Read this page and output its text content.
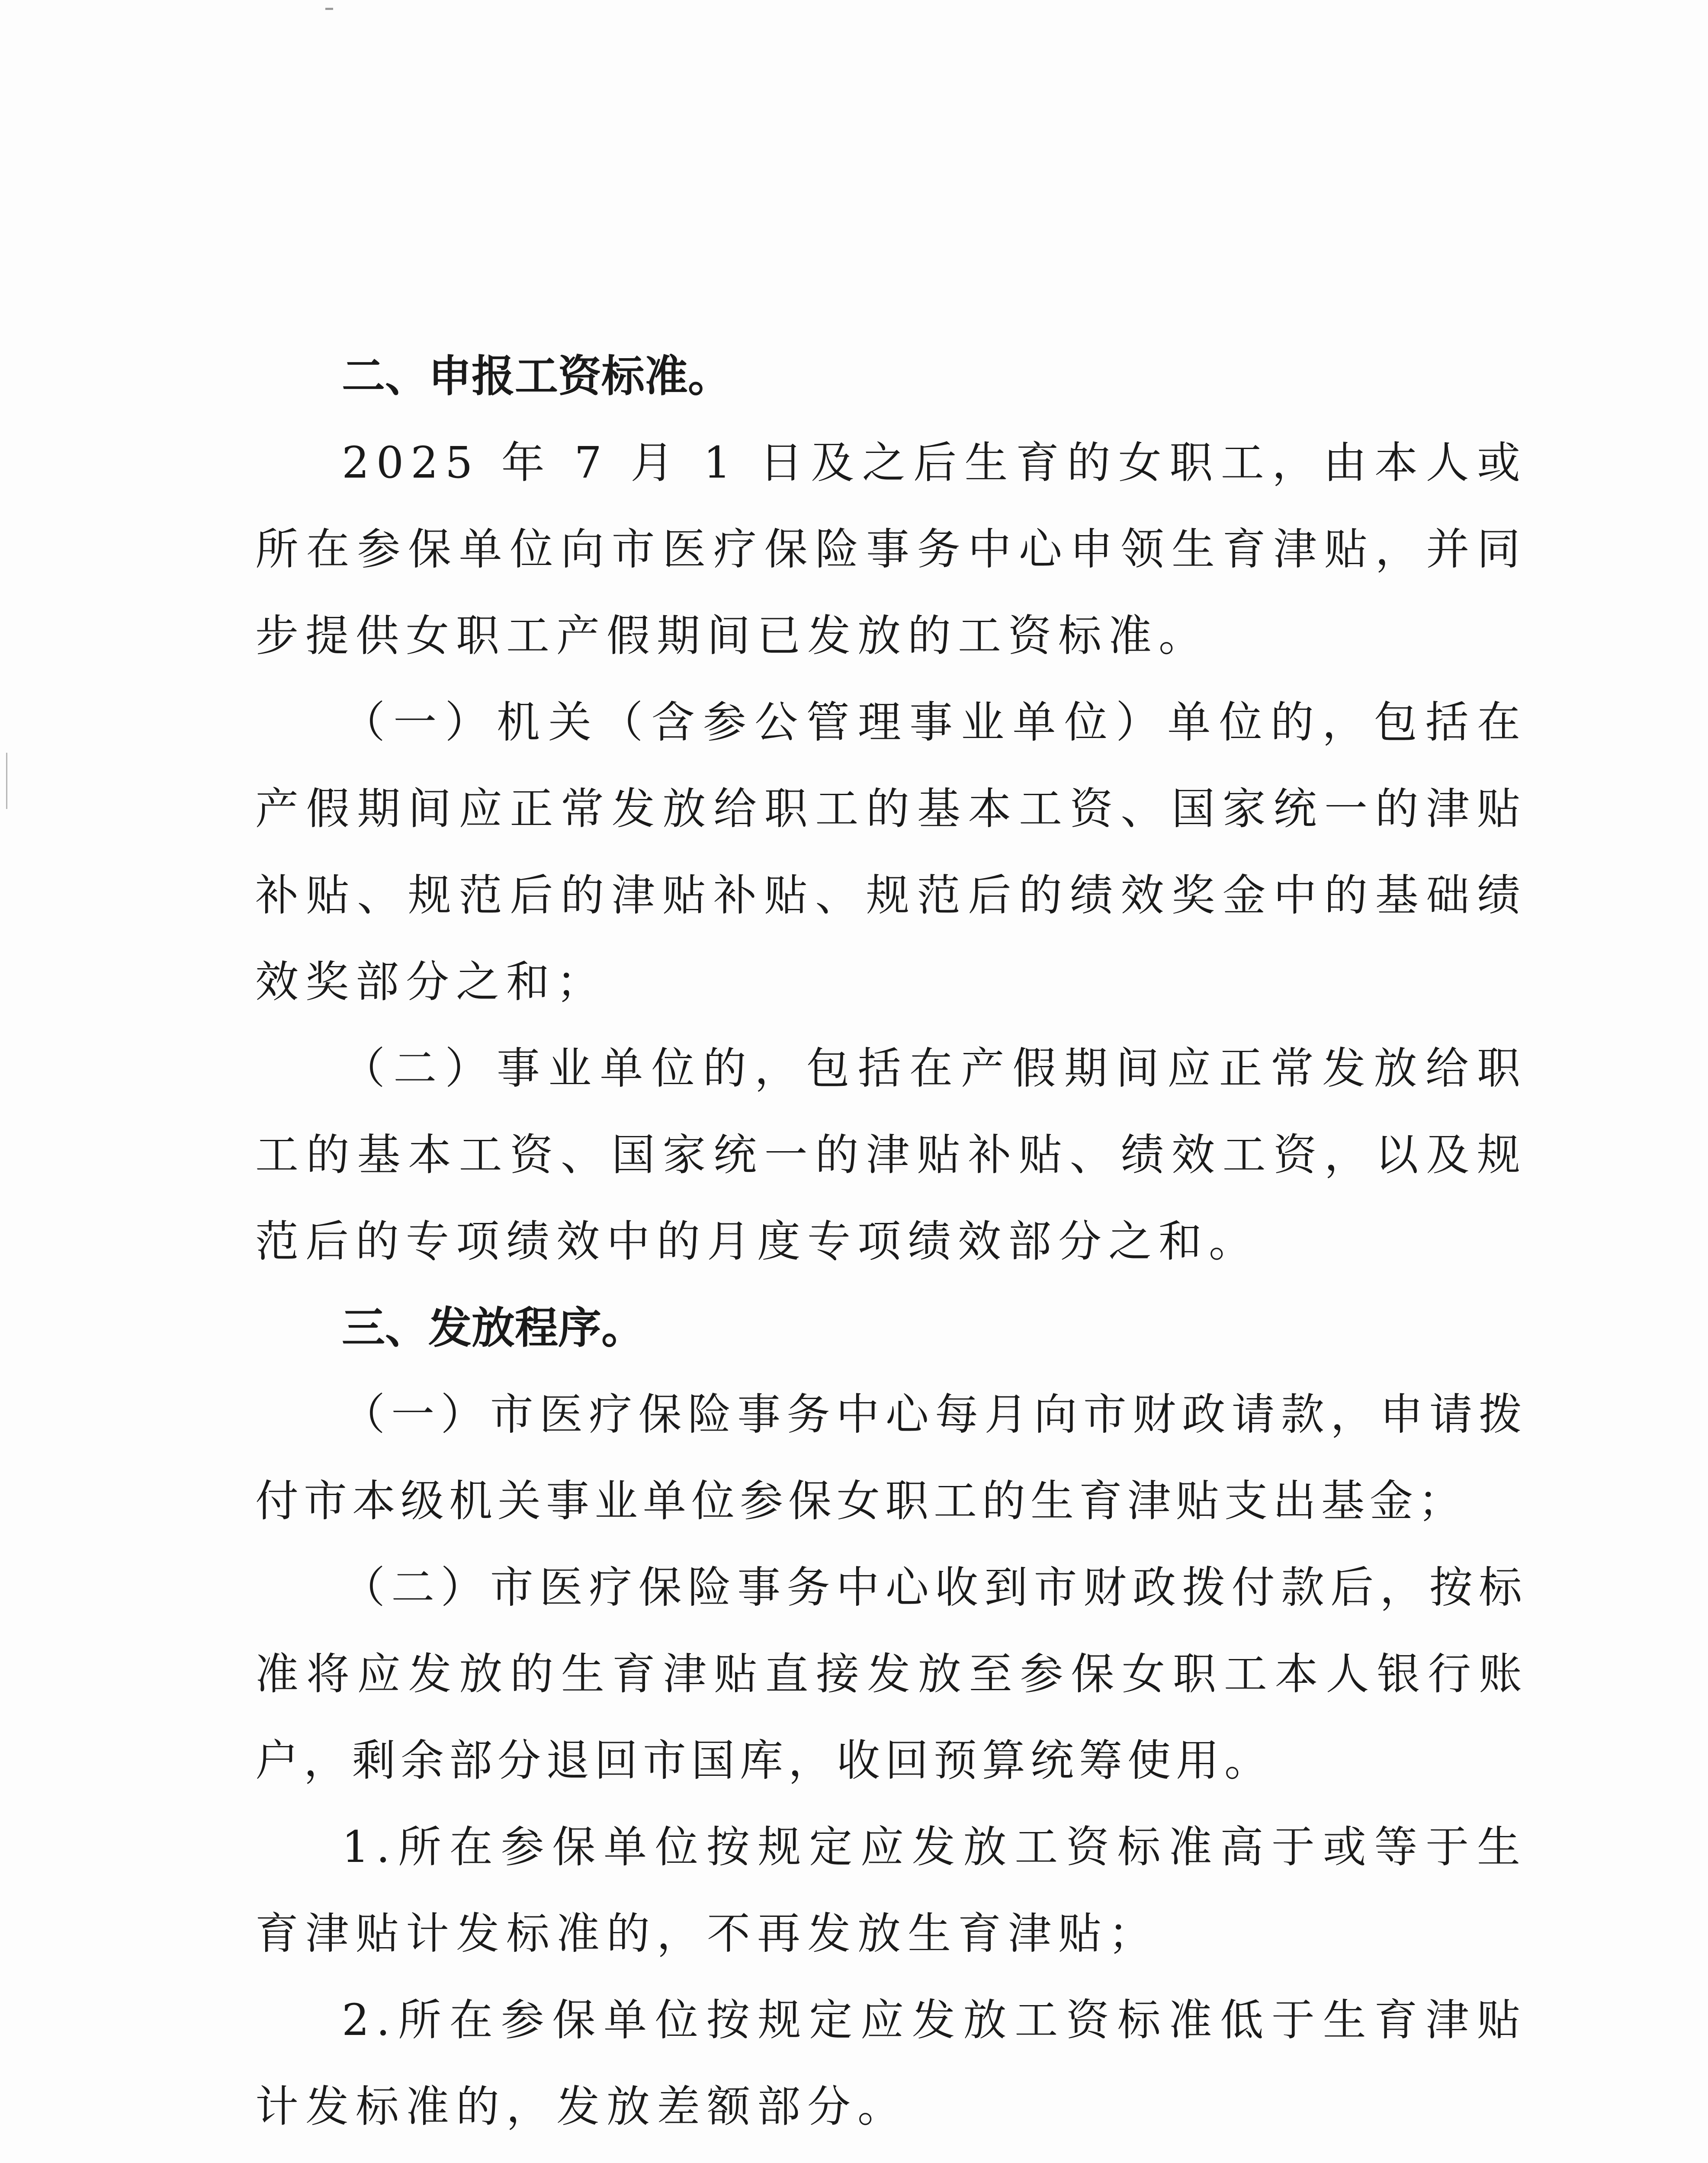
二、申报工资标准。

2025 年 7 月 1 日及之后生育的女职工，由本人或所在参保单位向市医疗保险事务中心申领生育津贴，并同步提供女职工产假期间已发放的工资标准。

（一）机关（含参公管理事业单位）单位的，包括在产假期间应正常发放给职工的基本工资、国家统一的津贴补贴、规范后的津贴补贴、规范后的绩效奖金中的基础绩效奖部分之和；

（二）事业单位的，包括在产假期间应正常发放给职工的基本工资、国家统一的津贴补贴、绩效工资，以及规范后的专项绩效中的月度专项绩效部分之和。

三、发放程序。

（一）市医疗保险事务中心每月向市财政请款，申请拨付市本级机关事业单位参保女职工的生育津贴支出基金；

（二）市医疗保险事务中心收到市财政拨付款后，按标准将应发放的生育津贴直接发放至参保女职工本人银行账户，剩余部分退回市国库，收回预算统筹使用。

1.所在参保单位按规定应发放工资标准高于或等于生育津贴计发标准的，不再发放生育津贴；

2.所在参保单位按规定应发放工资标准低于生育津贴计发标准的，发放差额部分。
